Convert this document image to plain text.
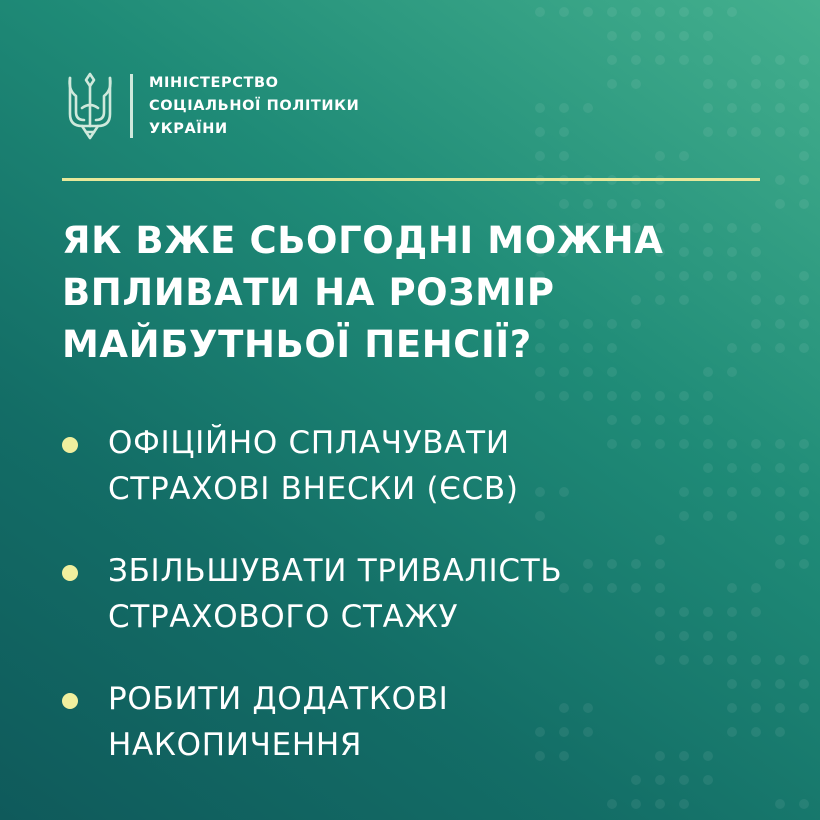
МІНІСТЕРСТВО
СОЦІАЛЬНОЇ ПОЛІТИКИ
УКРАЇНИ
ЯК ВЖЕ СЬОГОДНІ МОЖНА
ВПЛИВАТИ НА РОЗМІР
МАЙБУТНЬОЇ ПЕНСІЇ?
ОФІЦІЙНО СПЛАЧУВАТИ
СТРАХОВІ ВНЕСКИ (ЄСВ)
ЗБІЛЬШУВАТИ ТРИВАЛІСТЬ
СТРАХОВОГО СТАЖУ
РОБИТИ ДОДАТКОВІ
НАКОПИЧЕННЯ
